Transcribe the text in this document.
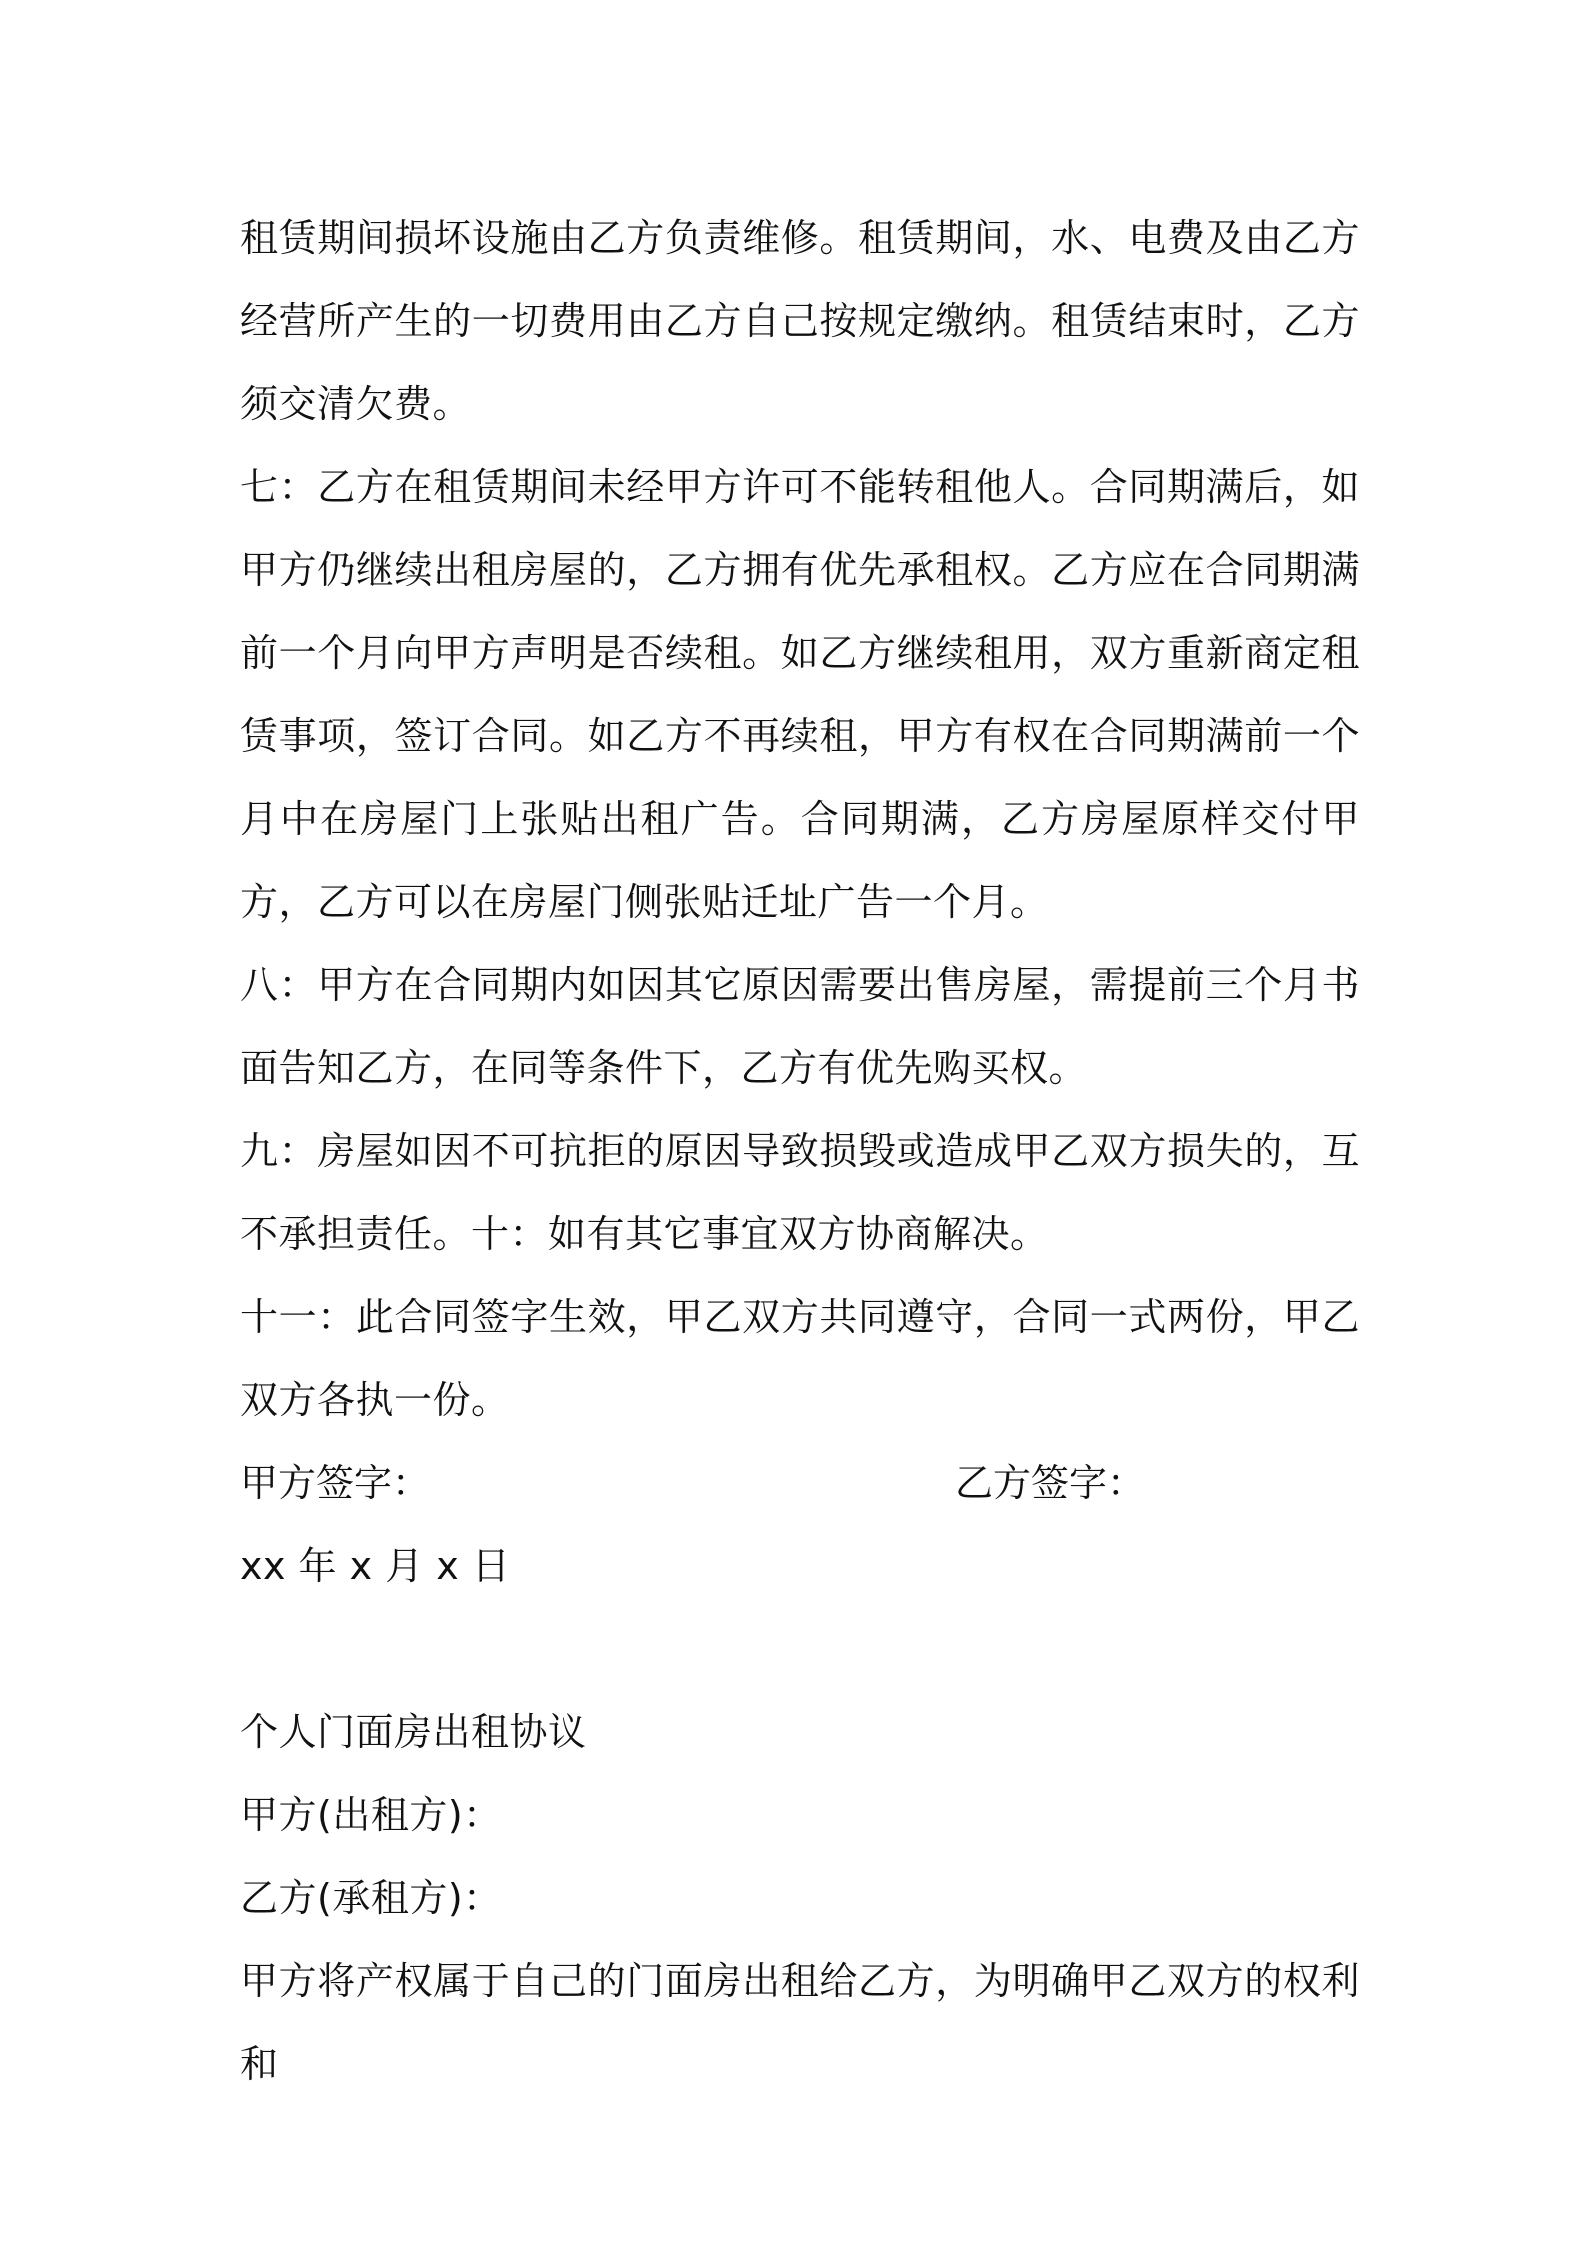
租赁期间损坏设施由乙方负责维修。租赁期间，水、电费及由乙方经营所产生的一切费用由乙方自己按规定缴纳。租赁结束时，乙方须交清欠费。

七：乙方在租赁期间未经甲方许可不能转租他人。合同期满后，如甲方仍继续出租房屋的，乙方拥有优先承租权。乙方应在合同期满前一个月向甲方声明是否续租。如乙方继续租用，双方重新商定租赁事项，签订合同。如乙方不再续租，甲方有权在合同期满前一个月中在房屋门上张贴出租广告。合同期满，乙方房屋原样交付甲方，乙方可以在房屋门侧张贴迁址广告一个月。

八：甲方在合同期内如因其它原因需要出售房屋，需提前三个月书面告知乙方，在同等条件下，乙方有优先购买权。

九：房屋如因不可抗拒的原因导致损毁或造成甲乙双方损失的，互不承担责任。十：如有其它事宜双方协商解决。

十一：此合同签字生效，甲乙双方共同遵守，合同一式两份，甲乙双方各执一份。

甲方签字：	乙方签字：

xx 年 x 月 x 日

个人门面房出租协议

甲方(出租方)：

乙方(承租方)：

甲方将产权属于自己的门面房出租给乙方，为明确甲乙双方的权利和
